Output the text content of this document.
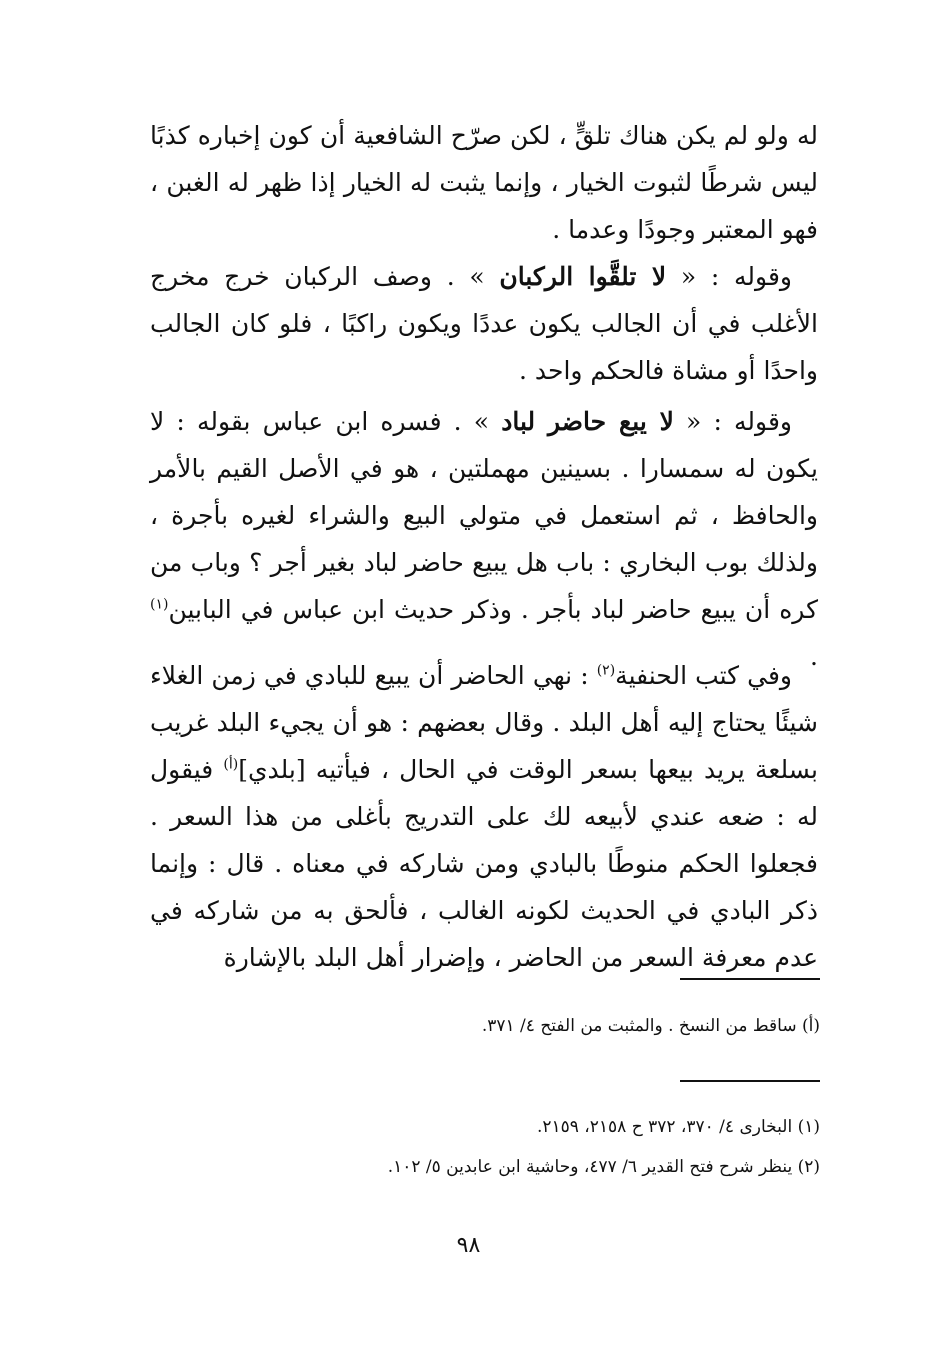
له ولو لم يكن هناك تلقٍّ ، لكن صرّح الشافعية أن كون إخباره كذبًا ليس شرطًا لثبوت الخيار ، وإنما يثبت له الخيار إذا ظهر له الغبن ، فهو المعتبر وجودًا وعدما .

وقوله : « لا تلقَّوا الركبان » . وصف الركبان خرج مخرج الأغلب في أن الجالب يكون عددًا ويكون راكبًا ، فلو كان الجالب واحدًا أو مشاة فالحكم واحد .

وقوله : « لا يبع حاضر لباد » . فسره ابن عباس بقوله : لا يكون له سمسارا . بسينين مهملتين ، هو في الأصل القيم بالأمر والحافظ ، ثم استعمل في متولي البيع والشراء لغيره بأجرة ، ولذلك بوب البخاري : باب هل يبيع حاضر لباد بغير أجر ؟ وباب من كره أن يبيع حاضر لباد بأجر . وذكر حديث ابن عباس في البابين$^{(١)}$ .

وفي كتب الحنفية$^{(٢)}$ : نهي الحاضر أن يبيع للبادي في زمن الغلاء شيئًا يحتاج إليه أهل البلد . وقال بعضهم : هو أن يجيء البلد غريب بسلعة يريد بيعها بسعر الوقت في الحال ، فيأتيه [بلدي]$^{(أ)}$ فيقول له : ضعه عندي لأبيعه لك على التدريج بأغلى من هذا السعر . فجعلوا الحكم منوطًا بالبادي ومن شاركه في معناه . قال : وإنما ذكر البادي في الحديث لكونه الغالب ، فألحق به من شاركه في عدم معرفة السعر من الحاضر ، وإضرار أهل البلد بالإشارة

(أ) ساقط من النسخ . والمثبت من الفتح ٤/ ٣٧١.
(١) البخارى ٤/ ٣٧٠، ٣٧٢ ح ٢١٥٨، ٢١٥٩.
(٢) ينظر شرح فتح القدير ٦/ ٤٧٧، وحاشية ابن عابدين ٥/ ١٠٢.
٩٨
